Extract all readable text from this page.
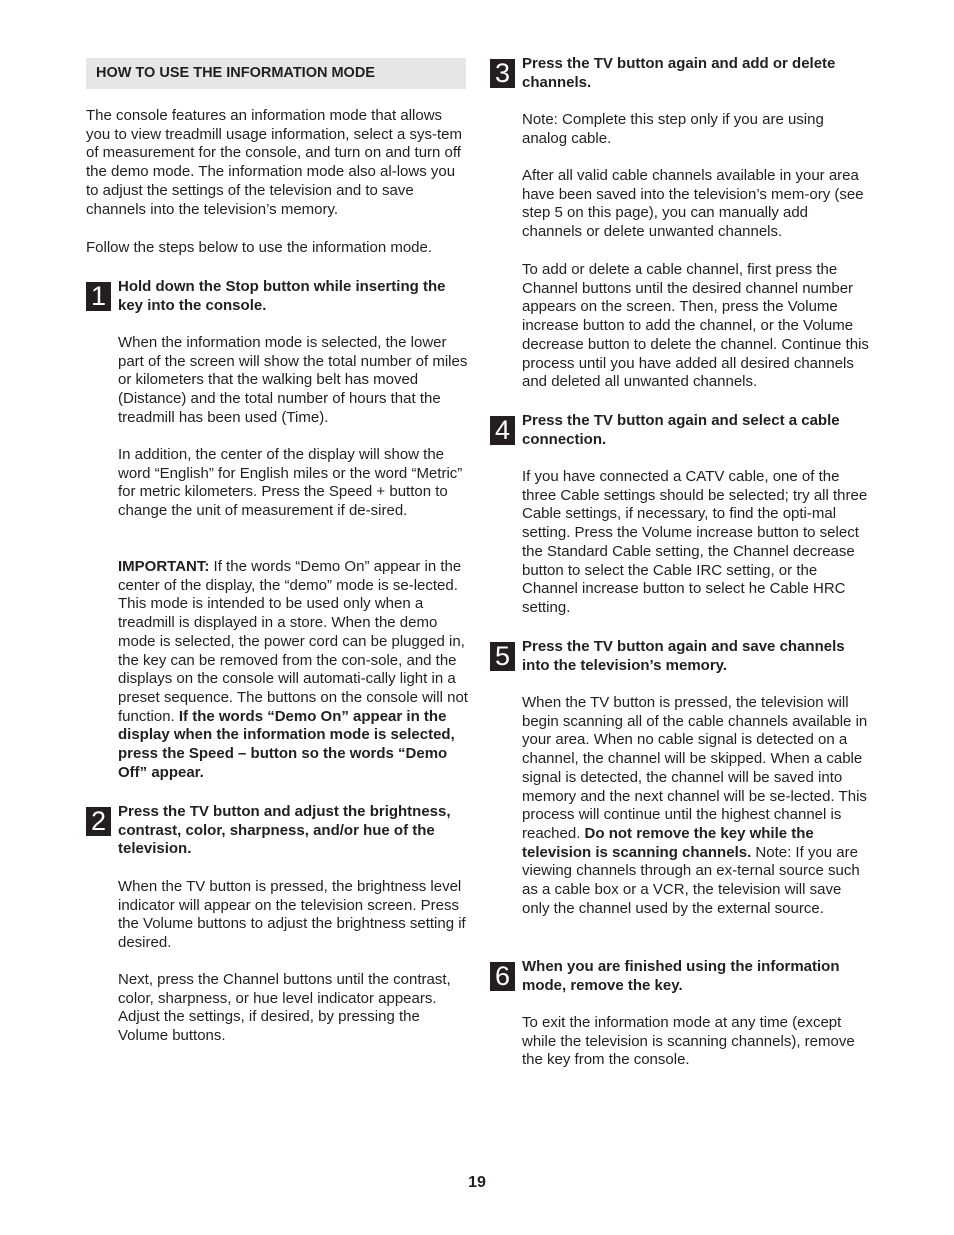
HOW TO USE THE INFORMATION MODE

The console features an information mode that allows you to view treadmill usage information, select a sys-tem of measurement for the console, and turn on and turn off the demo mode. The information mode also al-lows you to adjust the settings of the television and to save channels into the television’s memory.

Follow the steps below to use the information mode.

1 Hold down the Stop button while inserting the key into the console.

When the information mode is selected, the lower part of the screen will show the total number of miles or kilometers that the walking belt has moved (Distance) and the total number of hours that the treadmill has been used (Time).

In addition, the center of the display will show the word “English” for English miles or the word “Metric” for metric kilometers. Press the Speed + button to change the unit of measurement if de-sired.

IMPORTANT: If the words “Demo On” appear in the center of the display, the “demo” mode is se-lected. This mode is intended to be used only when a treadmill is displayed in a store. When the demo mode is selected, the power cord can be plugged in, the key can be removed from the con-sole, and the displays on the console will automati-cally light in a preset sequence. The buttons on the console will not function. If the words “Demo On” appear in the display when the information mode is selected, press the Speed – button so the words “Demo Off” appear.

2 Press the TV button and adjust the brightness, contrast, color, sharpness, and/or hue of the television.

When the TV button is pressed, the brightness level indicator will appear on the television screen. Press the Volume buttons to adjust the brightness setting if desired.

Next, press the Channel buttons until the contrast, color, sharpness, or hue level indicator appears. Adjust the settings, if desired, by pressing the Volume buttons.

3 Press the TV button again and add or delete channels.

Note: Complete this step only if you are using analog cable.

After all valid cable channels available in your area have been saved into the television’s mem-ory (see step 5 on this page), you can manually add channels or delete unwanted channels.

To add or delete a cable channel, first press the Channel buttons until the desired channel number appears on the screen. Then, press the Volume increase button to add the channel, or the Volume decrease button to delete the channel. Continue this process until you have added all desired channels and deleted all unwanted channels.

4 Press the TV button again and select a cable connection.

If you have connected a CATV cable, one of the three Cable settings should be selected; try all three Cable settings, if necessary, to find the opti-mal setting. Press the Volume increase button to select the Standard Cable setting, the Channel decrease button to select the Cable IRC setting, or the Channel increase button to select he Cable HRC setting.

5 Press the TV button again and save channels into the television’s memory.

When the TV button is pressed, the television will begin scanning all of the cable channels available in your area. When no cable signal is detected on a channel, the channel will be skipped. When a cable signal is detected, the channel will be saved into memory and the next channel will be se-lected. This process will continue until the highest channel is reached. Do not remove the key while the television is scanning channels. Note: If you are viewing channels through an ex-ternal source such as a cable box or a VCR, the television will save only the channel used by the external source.

6 When you are finished using the information mode, remove the key.

To exit the information mode at any time (except while the television is scanning channels), remove the key from the console.

19
